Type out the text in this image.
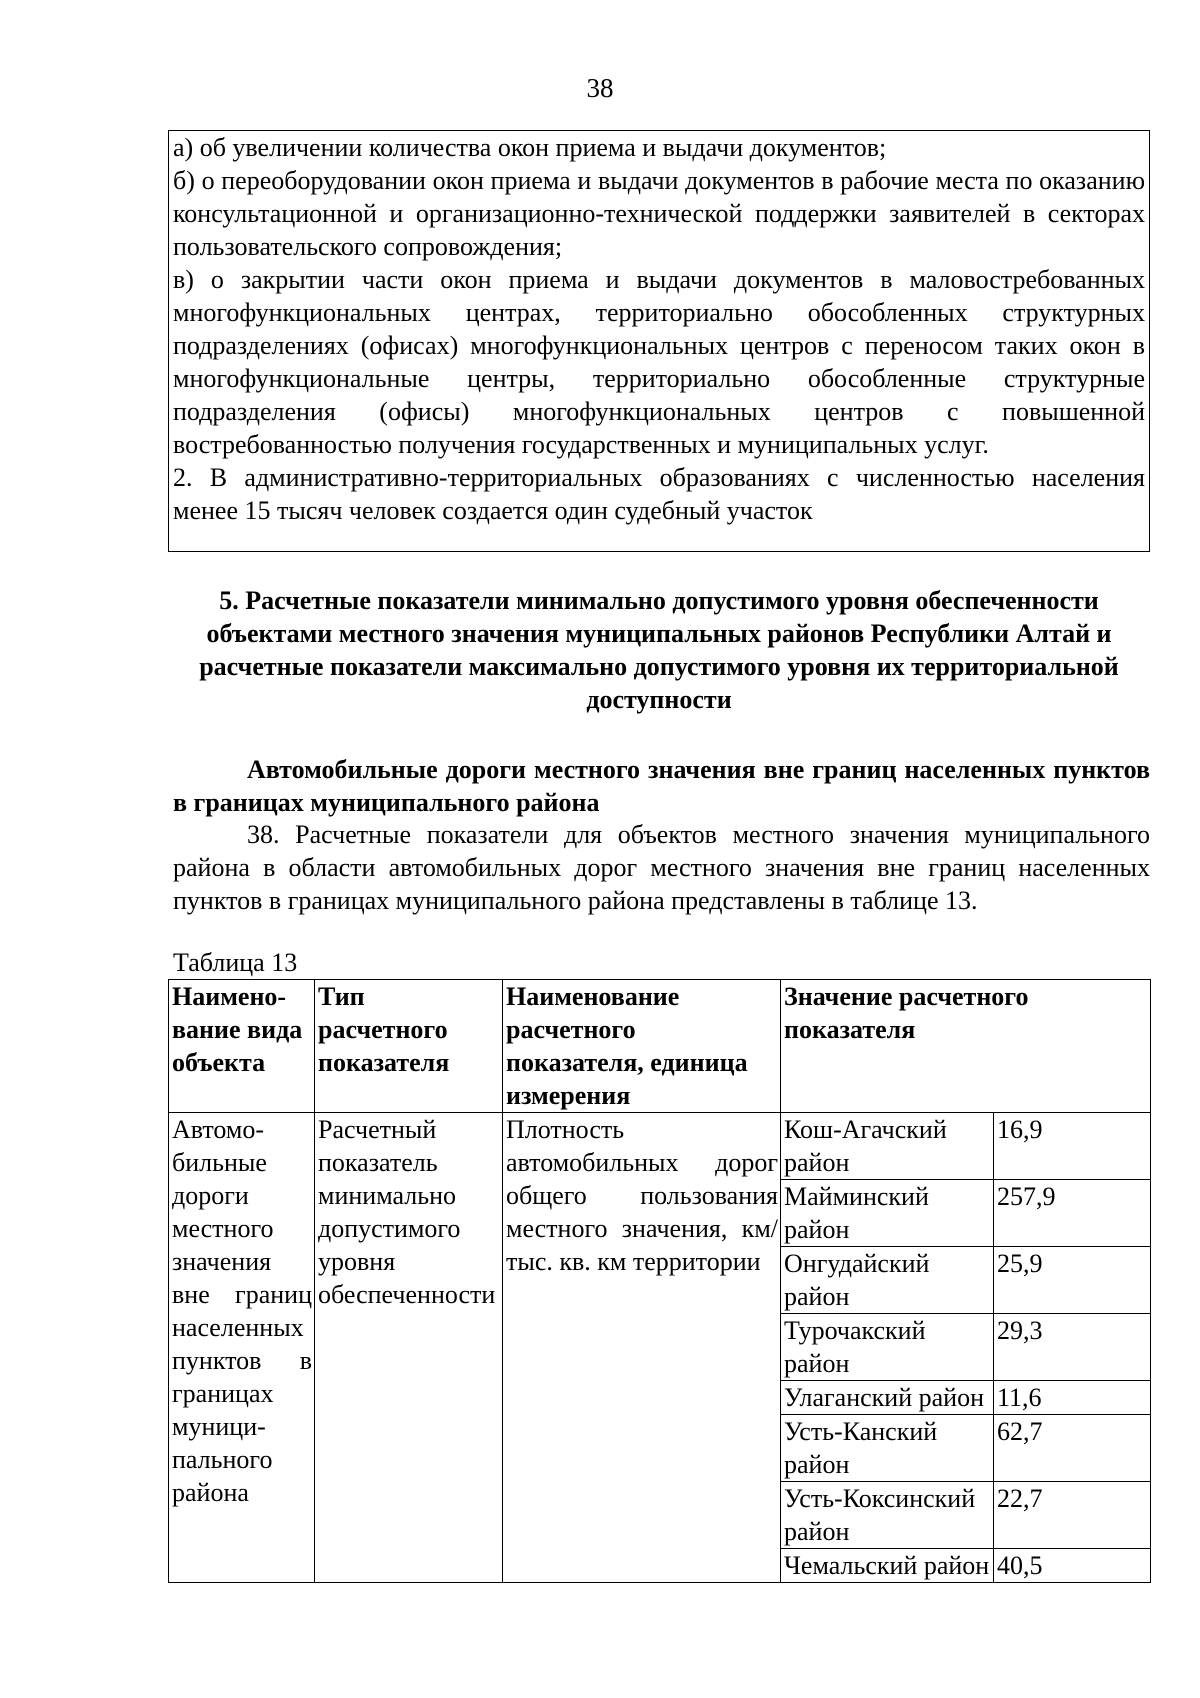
38

а) об увеличении количества окон приема и выдачи документов;

б) о переоборудовании окон приема и выдачи документов в рабочие места по оказанию консультационной и организационно-технической поддержки заявителей в секторах пользовательского сопровождения;

в) о закрытии части окон приема и выдачи документов в маловостребованных многофункциональных центрах, территориально обособленных структурных подразделениях (офисах) многофункциональных центров с переносом таких окон в многофункциональные центры, территориально обособленные структурные подразделения (офисы) многофункциональных центров с повышенной востребованностью получения государственных и муниципальных услуг.

2. В административно-территориальных образованиях с численностью населения менее 15 тысяч человек создается один судебный участок

5. Расчетные показатели минимально допустимого уровня обеспеченности объектами местного значения муниципальных районов Республики Алтай и расчетные показатели максимально допустимого уровня их территориальной доступности
Автомобильные дороги местного значения вне границ населенных пунктов в границах муниципального района

38. Расчетные показатели для объектов местного значения муниципального района в области автомобильных дорог местного значения вне границ населенных пунктов в границах муниципального района представлены в таблице 13.

Таблица 13

Наимено-вание вида объекта	Тип расчетного показателя	Наименование расчетного показателя, единица измерения	Значение расчетного показателя	
Автомо-бильные дороги местного значения вне границ населенных пунктов в границах муници-пального района	Расчетный показатель минимально допустимого уровня обеспеченности	Плотность автомобильных дорог общего пользования местного значения, км/тыс. кв. км территории	Кош-Агачский район	16,9
			Майминский район	257,9
			Онгудайский район	25,9
			Турочакский район	29,3
			Улаганский район	11,6
			Усть-Канский район	62,7
			Усть-Коксинский район	22,7
			Чемальский район	40,5
